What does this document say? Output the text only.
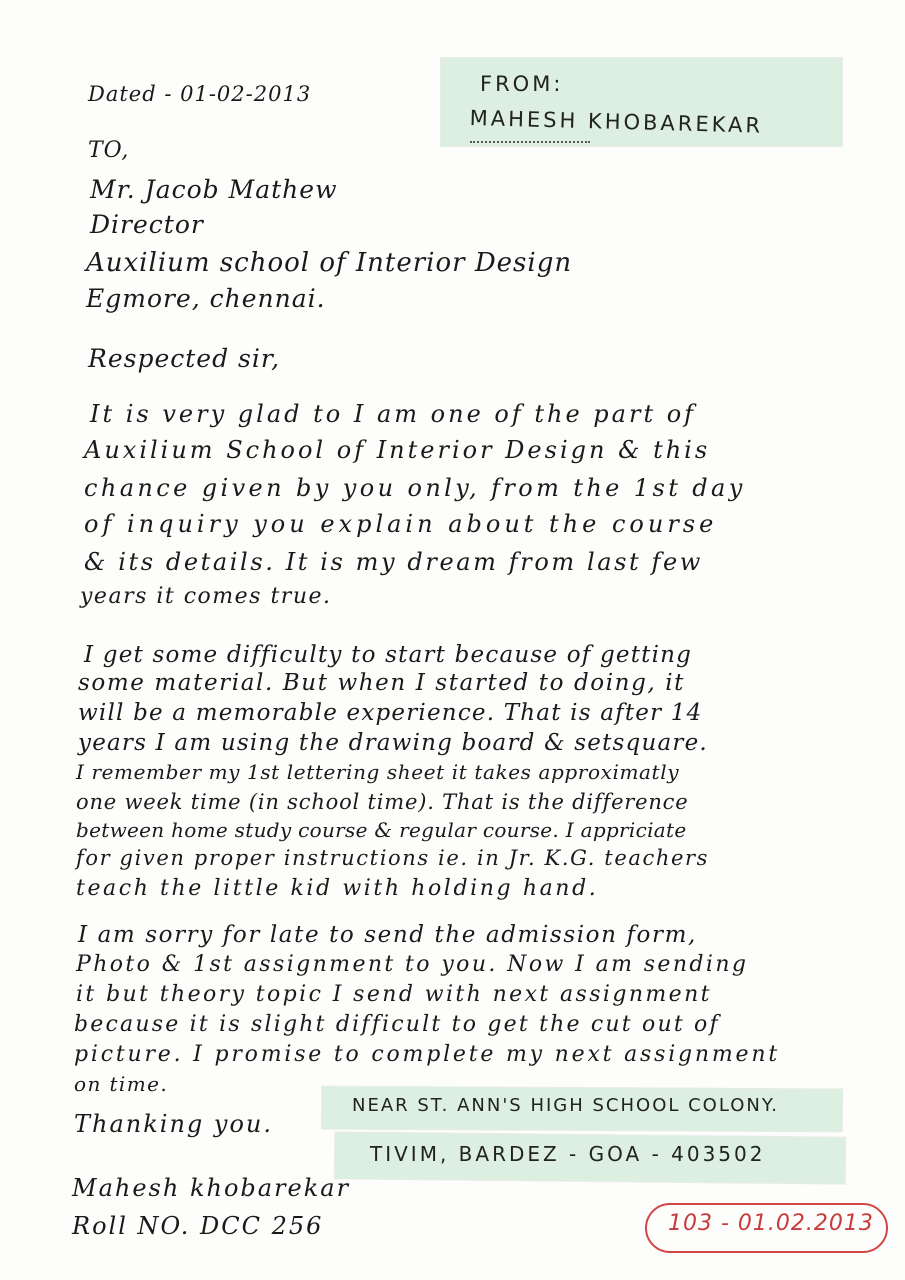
Dated - 01-02-2013	FROM:
MAHESH KHOBAREKAR
TO,
Mr. Jacob Mathew
Director
Auxilium school of Interior Design
Egmore, chennai.
Respected sir,
It is very glad to I am one of the part of
Auxilium School of Interior Design & this
chance given by you only, from the 1st day
of inquiry you explain about the course
& its details. It is my dream from last few
years it comes true.
I get some difficulty to start because of getting
some material. But when I started to doing, it
will be a memorable experience. That is after 14
years I am using the drawing board & setsquare.
I remember my 1st lettering sheet it takes approximatly
one week time (in school time). That is the difference
between home study course & regular course. I appriciate
for given proper instructions ie. in Jr. K.G. teachers
teach the little kid with holding hand.
I am sorry for late to send the admission form,
Photo & 1st assignment to you. Now I am sending
it but theory topic I send with next assignment
because it is slight difficult to get the cut out of
picture. I promise to complete my next assignment
on time.
NEAR ST. ANN'S HIGH SCHOOL COLONY.
TIVIM, BARDEZ - GOA - 403502
Thanking you.
Mahesh khobarekar
Roll NO. DCC 256	103 - 01.02.2013
